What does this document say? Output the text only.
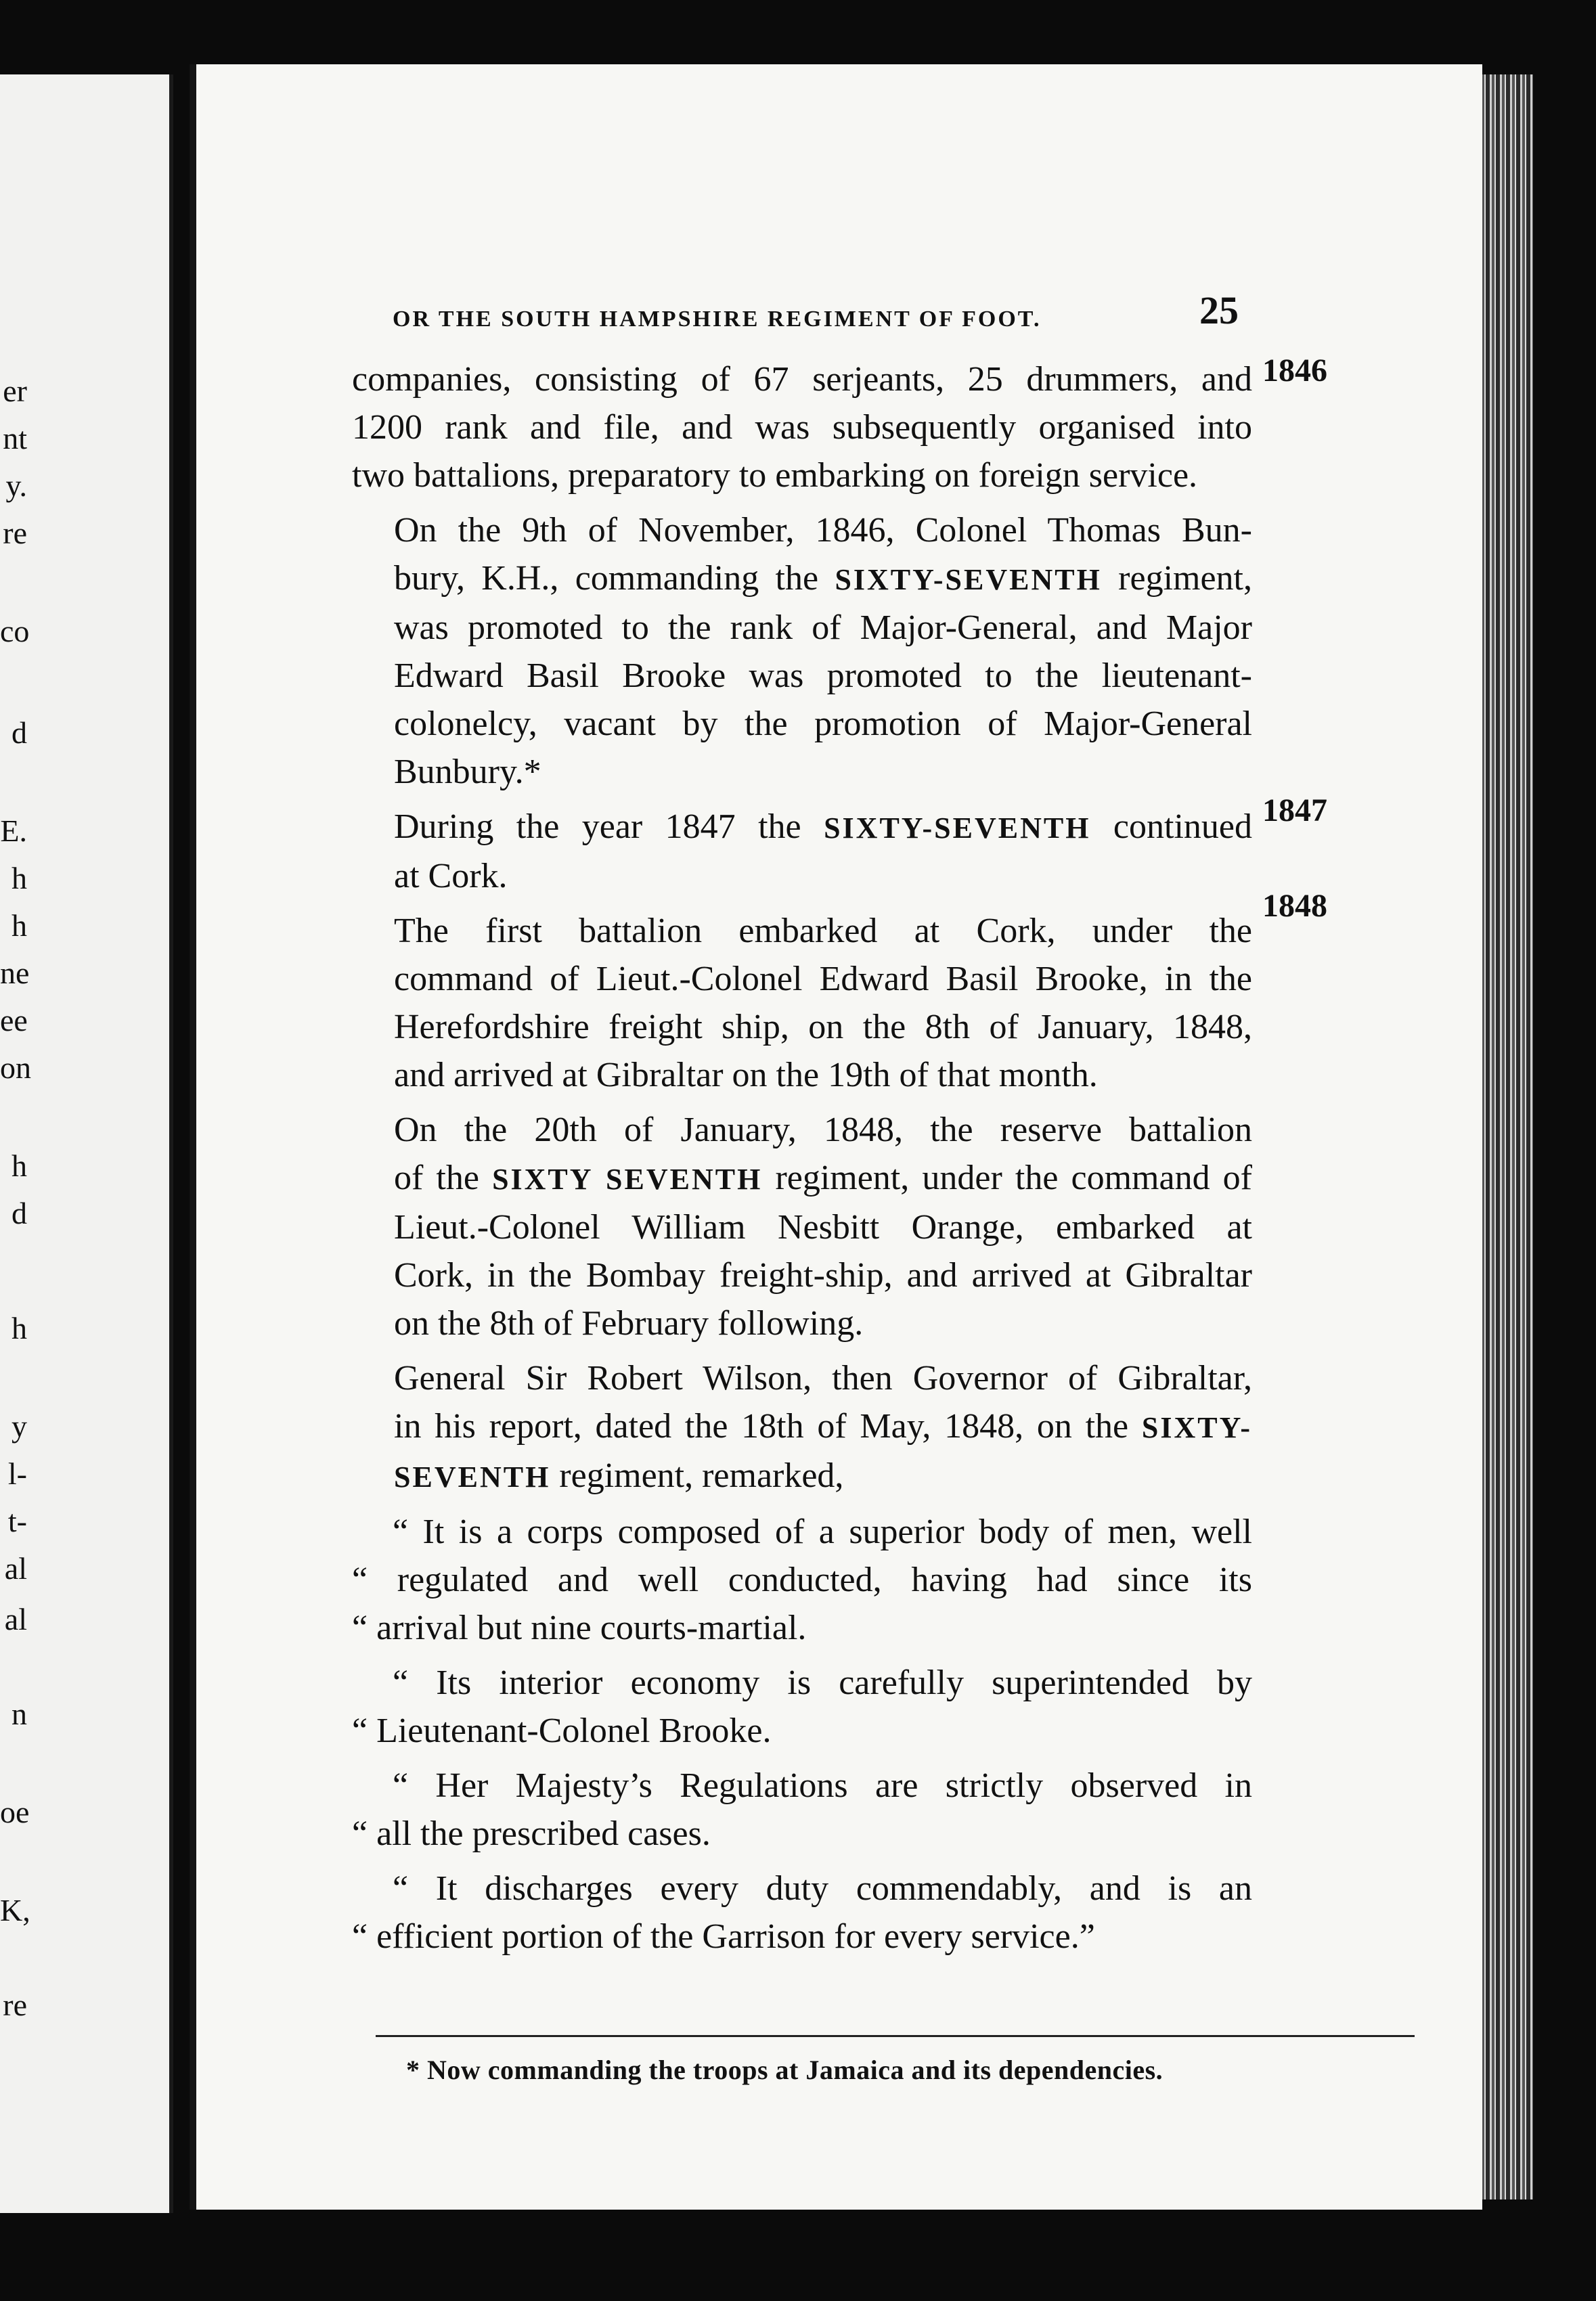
er
nt
y.
re
co
d
E.
h
h
ne
ee
on
h
d
h
y
l-
t-
al
al
n
oe
K,
re
OR THE SOUTH HAMPSHIRE REGIMENT OF FOOT.	25

companies, consisting of 67 serjeants, 25 drummers, and
1200 rank and file, and was subsequently organised into
two battalions, preparatory to embarking on foreign service.

On the 9th of November, 1846, Colonel Thomas Bun-
bury, K.H., commanding the SIXTY-SEVENTH regiment,
was promoted to the rank of Major-General, and Major
Edward Basil Brooke was promoted to the lieutenant-
colonelcy, vacant by the promotion of Major-General
Bunbury.*

During the year 1847 the SIXTY-SEVENTH continued
at Cork.

The first battalion embarked at Cork, under the
command of Lieut.-Colonel Edward Basil Brooke, in the
Herefordshire freight ship, on the 8th of January, 1848,
and arrived at Gibraltar on the 19th of that month.

On the 20th of January, 1848, the reserve battalion
of the SIXTY SEVENTH regiment, under the command of
Lieut.-Colonel William Nesbitt Orange, embarked at
Cork, in the Bombay freight-ship, and arrived at Gibraltar
on the 8th of February following.

General Sir Robert Wilson, then Governor of Gibraltar,
in his report, dated the 18th of May, 1848, on the SIXTY-
SEVENTH regiment, remarked,

“ It is a corps composed of a superior body of men, well
“ regulated and well conducted, having had since its
“ arrival but nine courts-martial.

“ Its interior economy is carefully superintended by
“ Lieutenant-Colonel Brooke.

“ Her Majesty’s Regulations are strictly observed in
“ all the prescribed cases.

“ It discharges every duty commendably, and is an
“ efficient portion of the Garrison for every service.”

1846
1847
1848
* Now commanding the troops at Jamaica and its dependencies.
